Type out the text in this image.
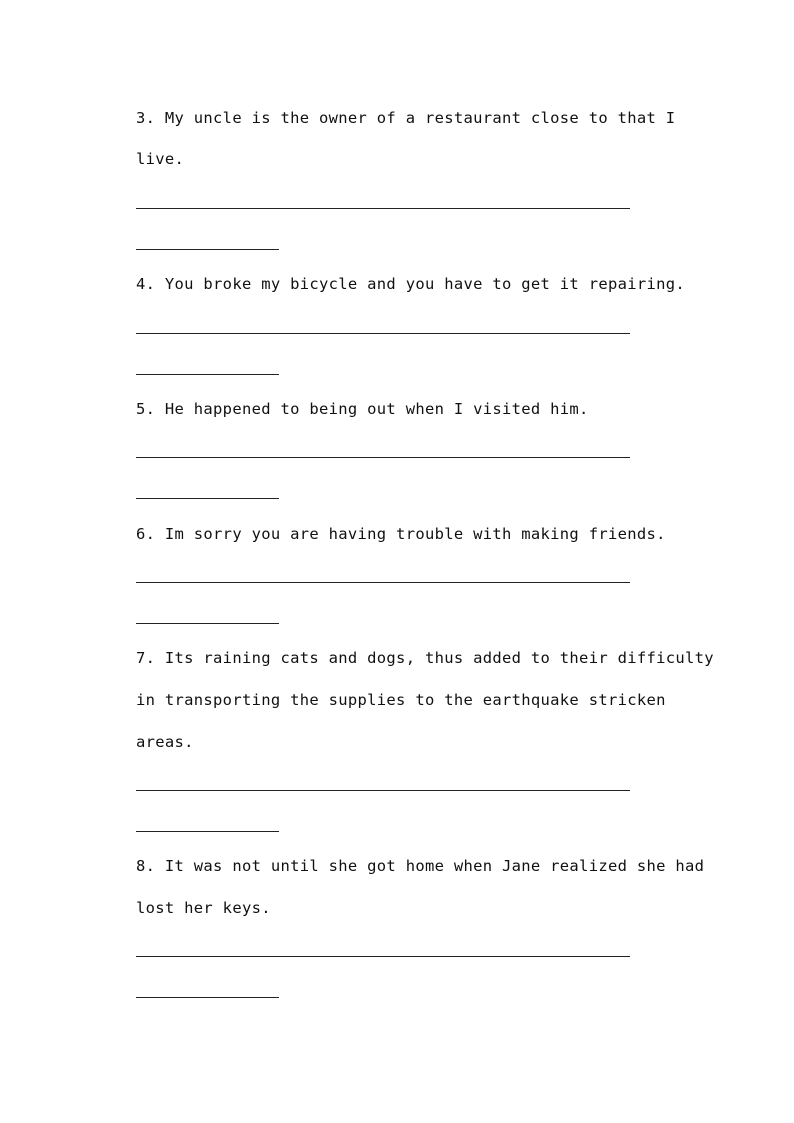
3. My uncle is the owner of a restaurant close to that I
live.
4. You broke my bicycle and you have to get it repairing.
5. He happened to being out when I visited him.
6. Im sorry you are having trouble with making friends.
7. Its raining cats and dogs, thus added to their difficulty
in transporting the supplies to the earthquake stricken
areas.
8. It was not until she got home when Jane realized she had
lost her keys.
